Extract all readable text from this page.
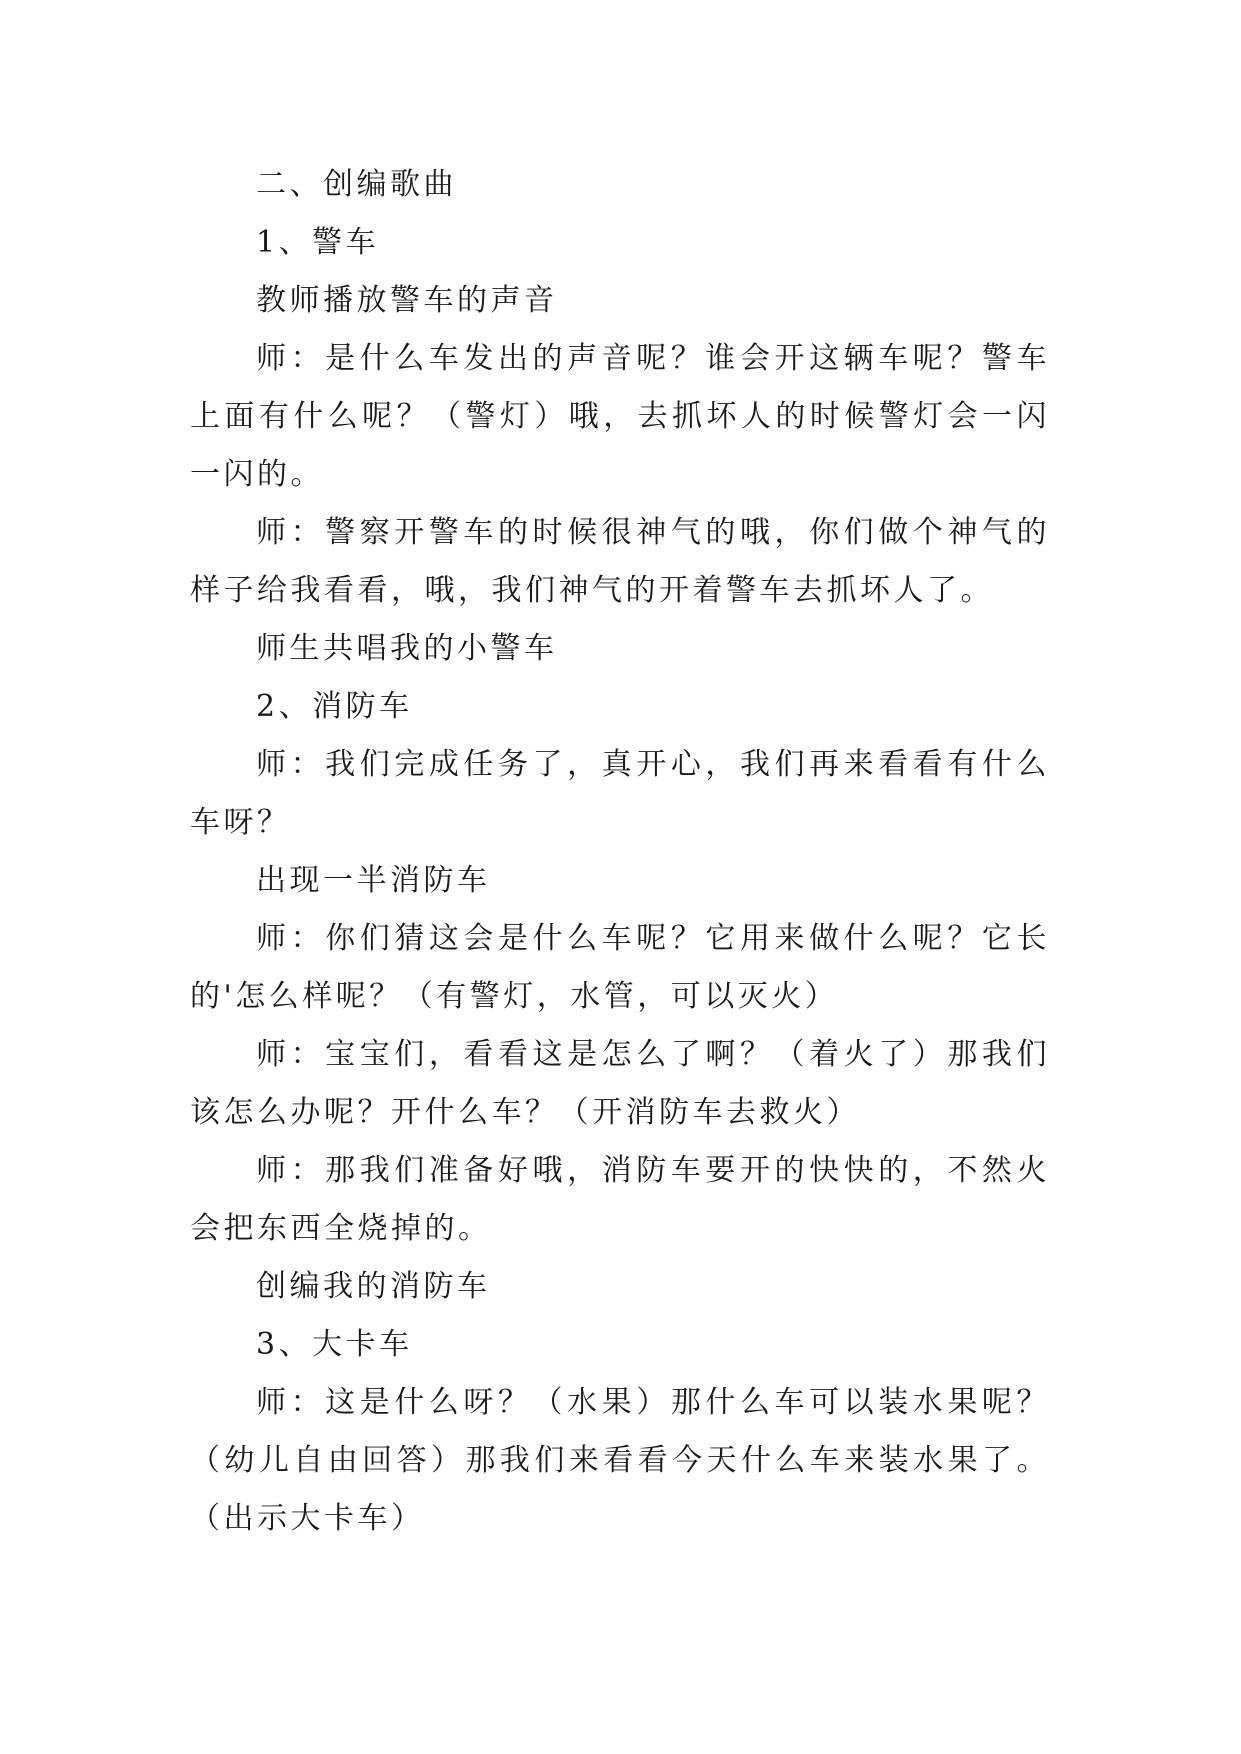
二、创编歌曲

1、警车

教师播放警车的声音

师：是什么车发出的声音呢？谁会开这辆车呢？警车上面有什么呢？（警灯）哦，去抓坏人的时候警灯会一闪一闪的。

师：警察开警车的时候很神气的哦，你们做个神气的样子给我看看，哦，我们神气的开着警车去抓坏人了。

师生共唱我的小警车

2、消防车

师：我们完成任务了，真开心，我们再来看看有什么车呀？

出现一半消防车

师：你们猜这会是什么车呢？它用来做什么呢？它长的'怎么样呢？（有警灯，水管，可以灭火）

师：宝宝们，看看这是怎么了啊？（着火了）那我们该怎么办呢？开什么车？（开消防车去救火）

师：那我们准备好哦，消防车要开的快快的，不然火会把东西全烧掉的。

创编我的消防车

3、大卡车

师：这是什么呀？（水果）那什么车可以装水果呢？（幼儿自由回答）那我们来看看今天什么车来装水果了。（出示大卡车）
